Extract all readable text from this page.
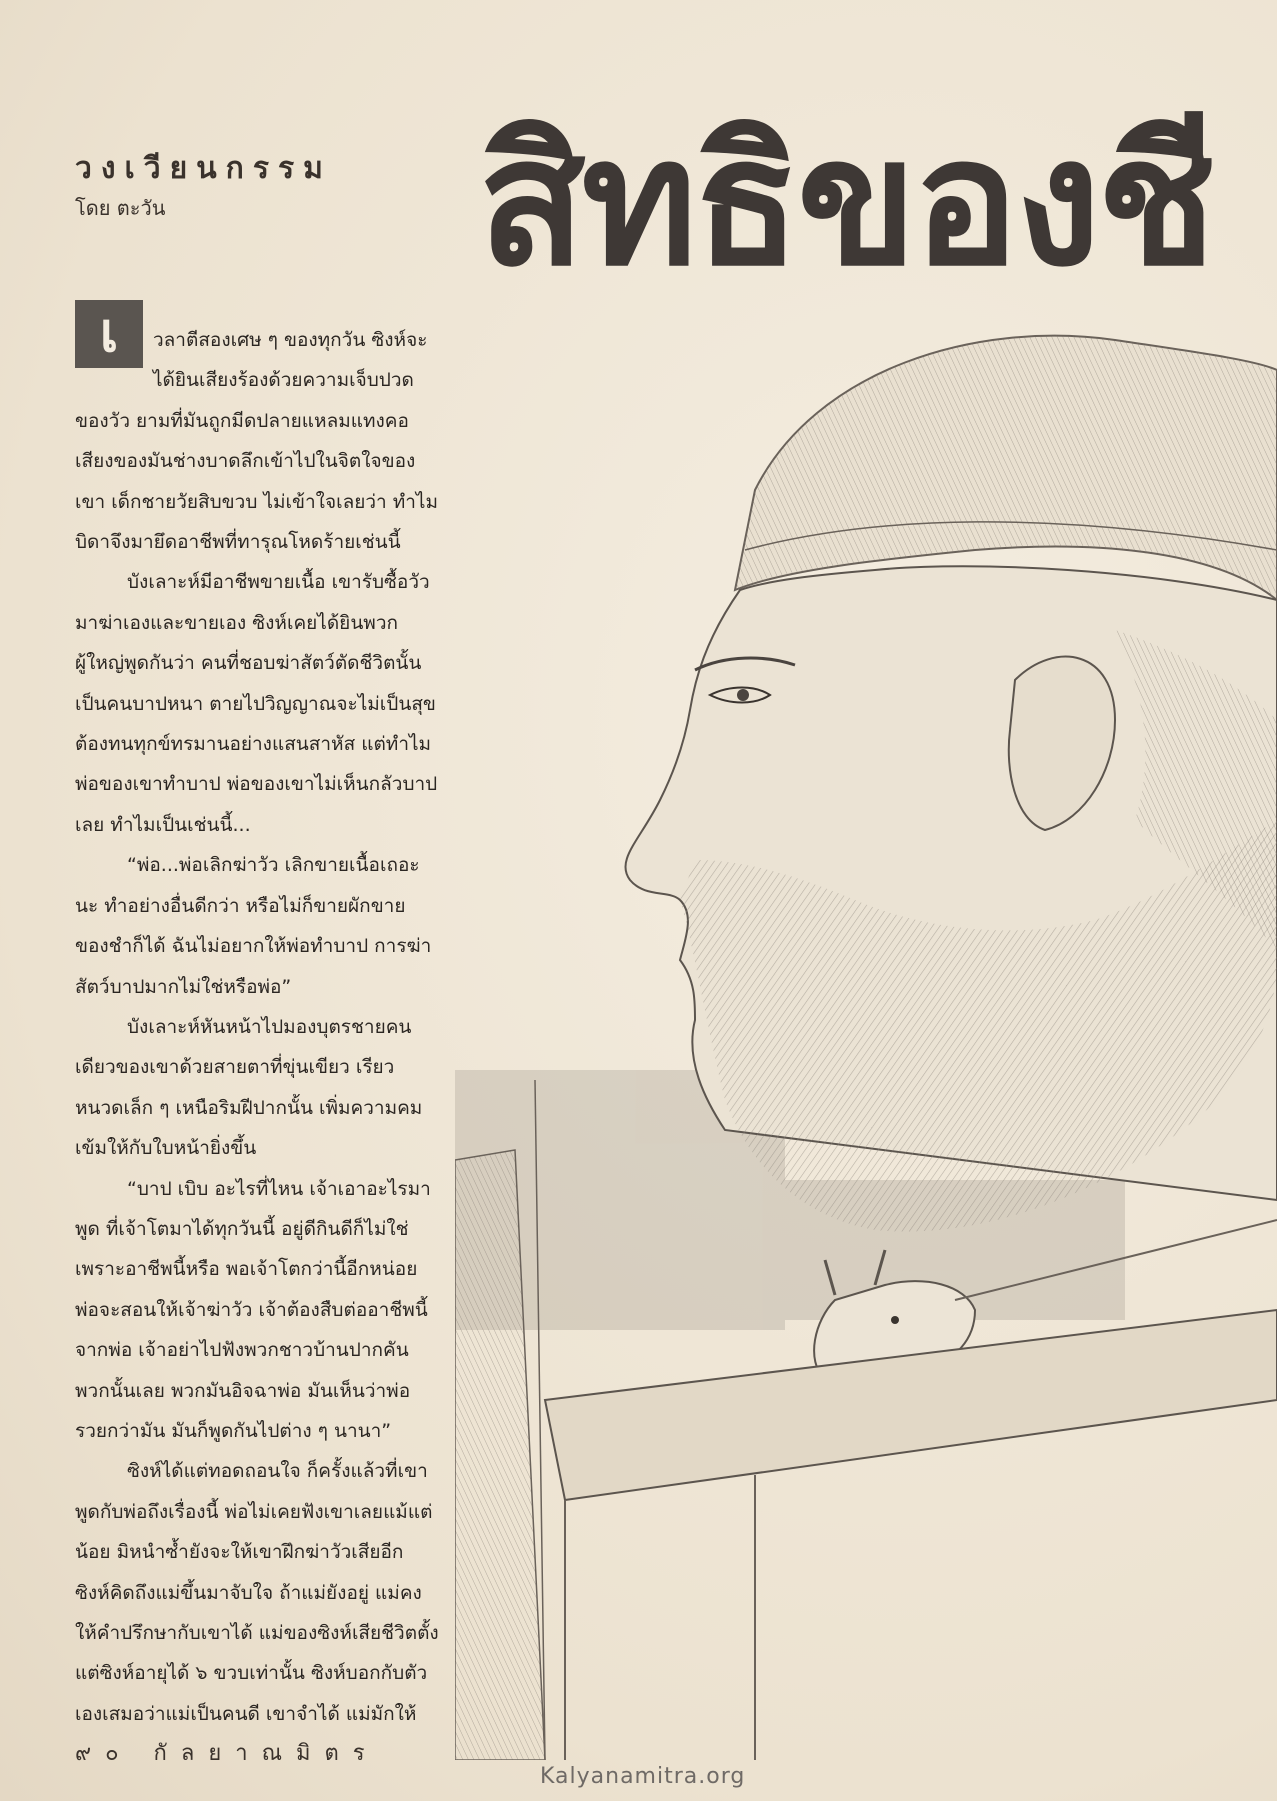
วงเวียนกรรม
โดย ตะวัน สิทธิของชี

เ	วลาตีสองเศษ ๆ ของทุกวัน ซิงห์จะได้ยินเสียงร้องด้วยความเจ็บปวดของวัว ยามที่มันถูกมีดปลายแหลมแทงคอ เสียงของมันช่างบาดลึกเข้าไปในจิตใจของเขา เด็กชายวัยสิบขวบ ไม่เข้าใจเลยว่า ทำไมบิดาจึงมายึดอาชีพที่ทารุณโหดร้ายเช่นนี้

บังเลาะห์มีอาชีพขายเนื้อ เขารับซื้อวัวมาฆ่าเองและขายเอง ซิงห์เคยได้ยินพวกผู้ใหญ่พูดกันว่า คนที่ชอบฆ่าสัตว์ตัดชีวิตนั้นเป็นคนบาปหนา ตายไปวิญญาณจะไม่เป็นสุข ต้องทนทุกข์ทรมานอย่างแสนสาหัส แต่ทำไมพ่อของเขาทำบาป พ่อของเขาไม่เห็นกลัวบาปเลย ทำไมเป็นเช่นนี้...

“พ่อ...พ่อเลิกฆ่าวัว เลิกขายเนื้อเถอะนะ ทำอย่างอื่นดีกว่า หรือไม่ก็ขายผักขายของชำก็ได้ ฉันไม่อยากให้พ่อทำบาป การฆ่าสัตว์บาปมากไม่ใช่หรือพ่อ”

บังเลาะห์หันหน้าไปมองบุตรชายคนเดียวของเขาด้วยสายตาที่ขุ่นเขียว เรียวหนวดเล็ก ๆ เหนือริมฝีปากนั้น เพิ่มความคมเข้มให้กับใบหน้ายิ่งขึ้น

“บาป เบิบ อะไรที่ไหน เจ้าเอาอะไรมาพูด ที่เจ้าโตมาได้ทุกวันนี้ อยู่ดีกินดีก็ไม่ใช่เพราะอาชีพนี้หรือ พอเจ้าโตกว่านี้อีกหน่อยพ่อจะสอนให้เจ้าฆ่าวัว เจ้าต้องสืบต่ออาชีพนี้จากพ่อ เจ้าอย่าไปฟังพวกชาวบ้านปากคันพวกนั้นเลย พวกมันอิจฉาพ่อ มันเห็นว่าพ่อรวยกว่ามัน มันก็พูดกันไปต่าง ๆ นานา”

ซิงห์ได้แต่ทอดถอนใจ ก็ครั้งแล้วที่เขาพูดกับพ่อถึงเรื่องนี้ พ่อไม่เคยฟังเขาเลยแม้แต่น้อย มิหนำซ้ำยังจะให้เขาฝึกฆ่าวัวเสียอีก ซิงห์คิดถึงแม่ขึ้นมาจับใจ ถ้าแม่ยังอยู่ แม่คงให้คำปรึกษากับเขาได้ แม่ของซิงห์เสียชีวิตตั้งแต่ซิงห์อายุได้ ๖ ขวบเท่านั้น ซิงห์บอกกับตัวเองเสมอว่าแม่เป็นคนดี เขาจำได้ แม่มักให้

๙๐ กัลยาณมิตร
Kalyanamitra.org
